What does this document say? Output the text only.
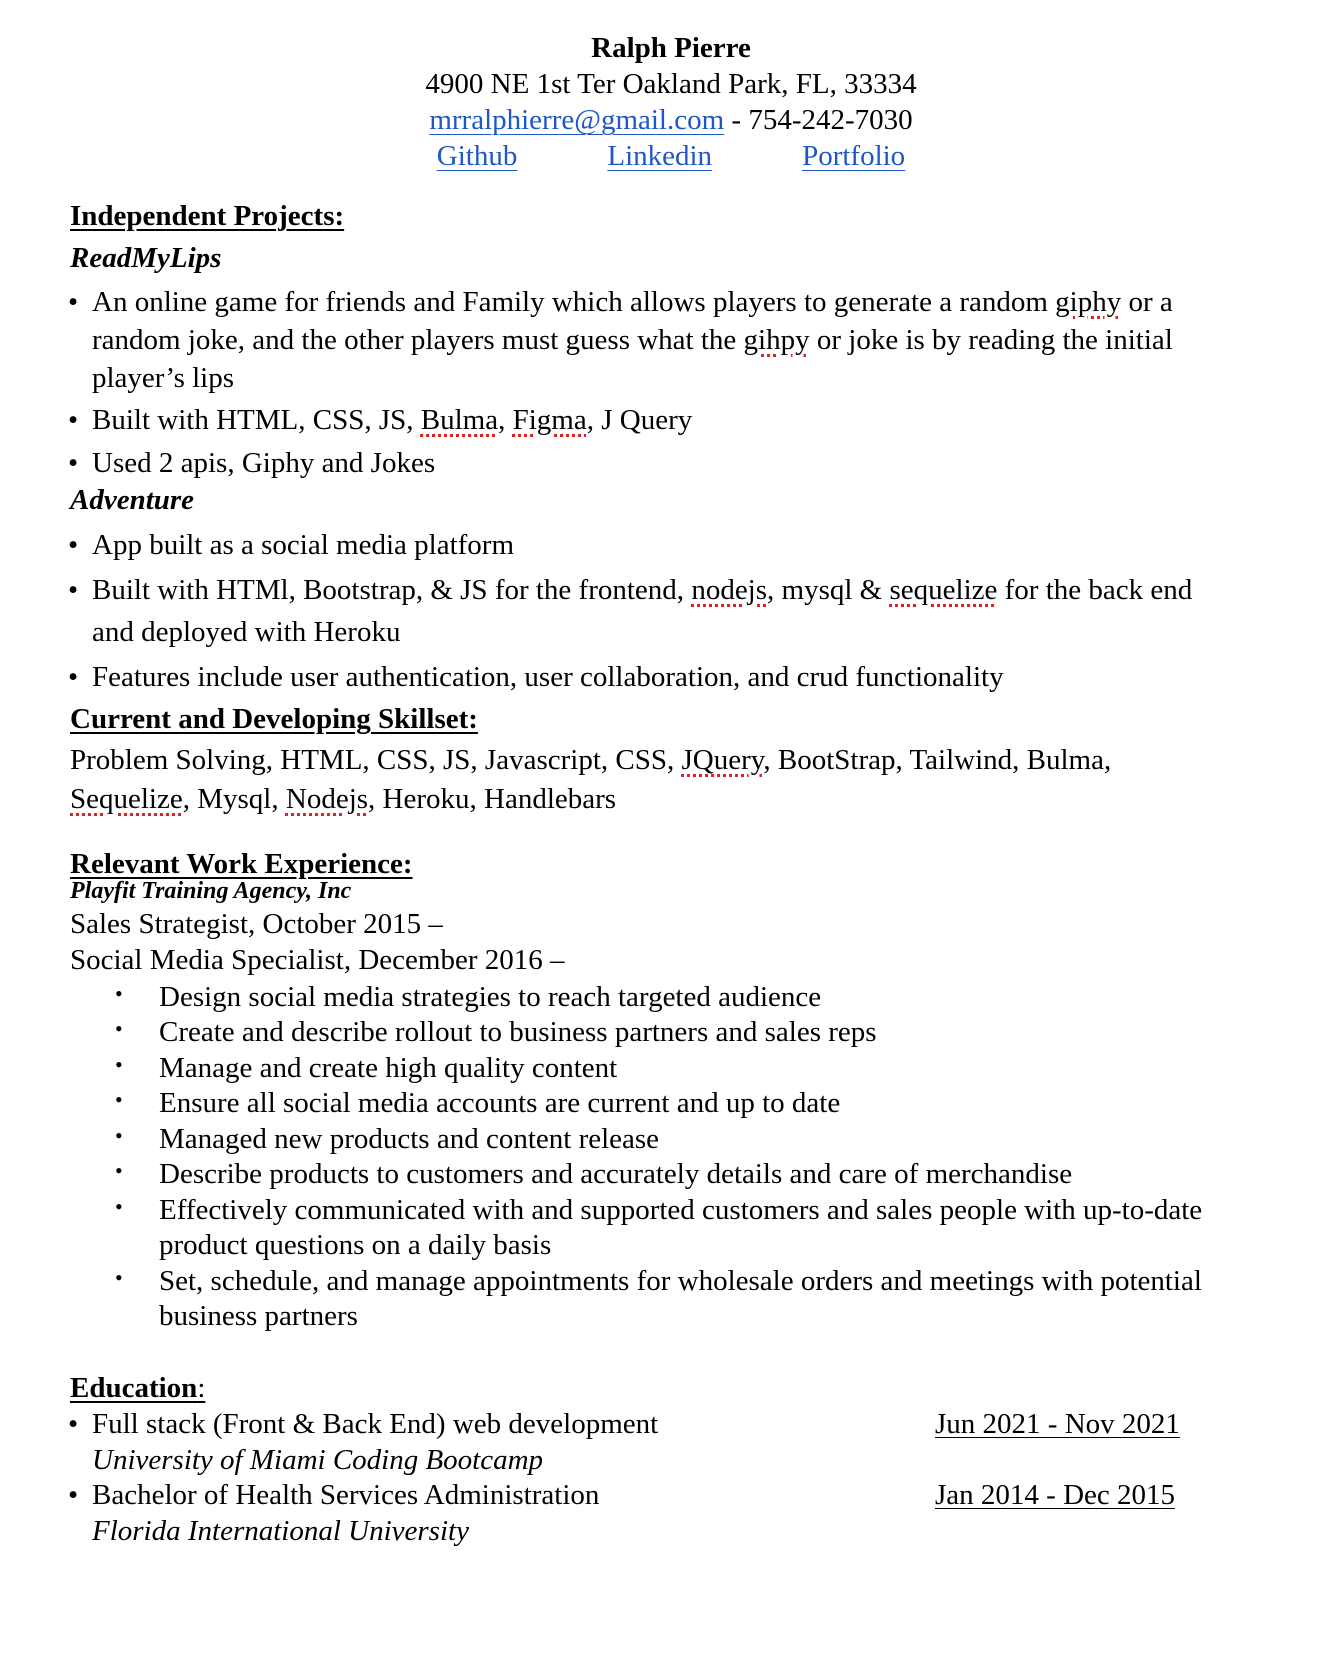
Ralph Pierre
4900 NE 1st Ter Oakland Park, FL, 33334
mrralphierre@gmail.com - 754-242-7030
Github	Linkedin	Portfolio
Independent Projects:
ReadMyLips
• An online game for friends and Family which allows players to generate a random giphy or a
random joke, and the other players must guess what the gihpy or joke is by reading the initial
player’s lips
• Built with HTML, CSS, JS, Bulma, Figma, J Query
• Used 2 apis, Giphy and Jokes
Adventure
• App built as a social media platform
• Built with HTMl, Bootstrap, & JS for the frontend, nodejs, mysql & sequelize for the back end
and deployed with Heroku
• Features include user authentication, user collaboration, and crud functionality
Current and Developing Skillset:
Problem Solving, HTML, CSS, JS, Javascript, CSS, JQuery, BootStrap, Tailwind, Bulma,
Sequelize, Mysql, Nodejs, Heroku, Handlebars
Relevant Work Experience:
Playfit Training Agency, Inc
Sales Strategist, October 2015 –
Social Media Specialist, December 2016 –
• Design social media strategies to reach targeted audience
• Create and describe rollout to business partners and sales reps
• Manage and create high quality content
• Ensure all social media accounts are current and up to date
• Managed new products and content release
• Describe products to customers and accurately details and care of merchandise
• Effectively communicated with and supported customers and sales people with up-to-date
product questions on a daily basis
• Set, schedule, and manage appointments for wholesale orders and meetings with potential
business partners
Education:
• Full stack (Front & Back End) web development	Jun 2021 - Nov 2021
University of Miami Coding Bootcamp
• Bachelor of Health Services Administration	Jan 2014 - Dec 2015
Florida International University
